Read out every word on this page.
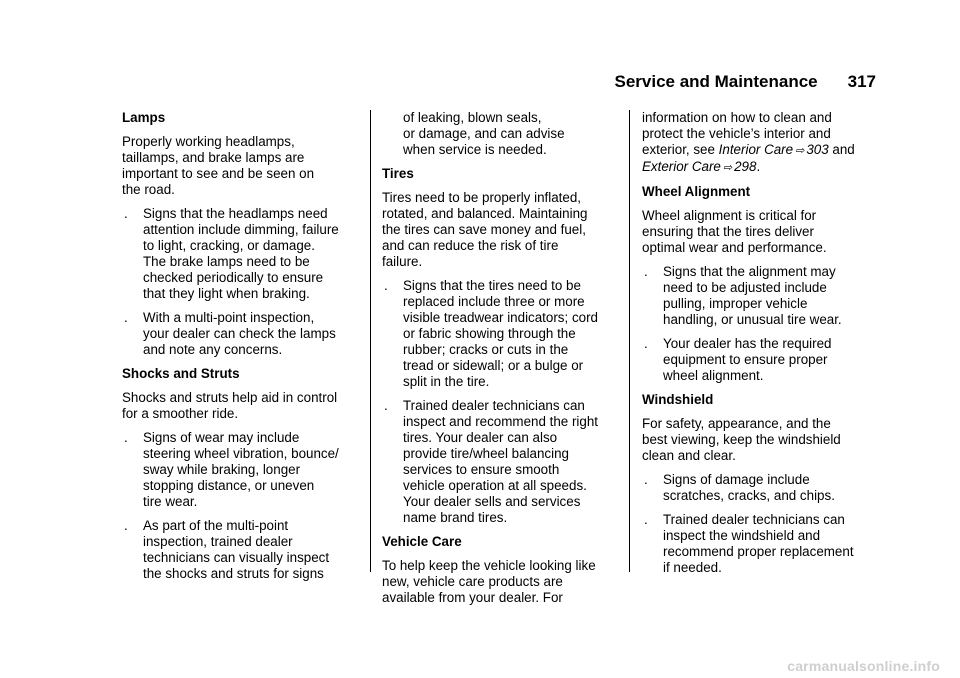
Service and Maintenance 317
Lamps

Properly working headlamps,
taillamps, and brake lamps are
important to see and be seen on
the road.

. Signs that the headlamps need
attention include dimming, failure
to light, cracking, or damage.
The brake lamps need to be
checked periodically to ensure
that they light when braking.
. With a multi-point inspection,
your dealer can check the lamps
and note any concerns.
Shocks and Struts

Shocks and struts help aid in control
for a smoother ride.

. Signs of wear may include
steering wheel vibration, bounce/
sway while braking, longer
stopping distance, or uneven
tire wear.
. As part of the multi-point
inspection, trained dealer
technicians can visually inspect
the shocks and struts for signs
of leaking, blown seals,
or damage, and can advise
when service is needed.
Tires

Tires need to be properly inflated,
rotated, and balanced. Maintaining
the tires can save money and fuel,
and can reduce the risk of tire
failure.

. Signs that the tires need to be
replaced include three or more
visible treadwear indicators; cord
or fabric showing through the
rubber; cracks or cuts in the
tread or sidewall; or a bulge or
split in the tire.
. Trained dealer technicians can
inspect and recommend the right
tires. Your dealer can also
provide tire/wheel balancing
services to ensure smooth
vehicle operation at all speeds.
Your dealer sells and services
name brand tires.
Vehicle Care

To help keep the vehicle looking like
new, vehicle care products are
available from your dealer. For

information on how to clean and
protect the vehicle’s interior and
exterior, see Interior Care ⇨ 303 and
Exterior Care ⇨ 298.

Wheel Alignment

Wheel alignment is critical for
ensuring that the tires deliver
optimal wear and performance.

. Signs that the alignment may
need to be adjusted include
pulling, improper vehicle
handling, or unusual tire wear.
. Your dealer has the required
equipment to ensure proper
wheel alignment.
Windshield

For safety, appearance, and the
best viewing, keep the windshield
clean and clear.

. Signs of damage include
scratches, cracks, and chips.
. Trained dealer technicians can
inspect the windshield and
recommend proper replacement
if needed.
carmanualsonline.info
